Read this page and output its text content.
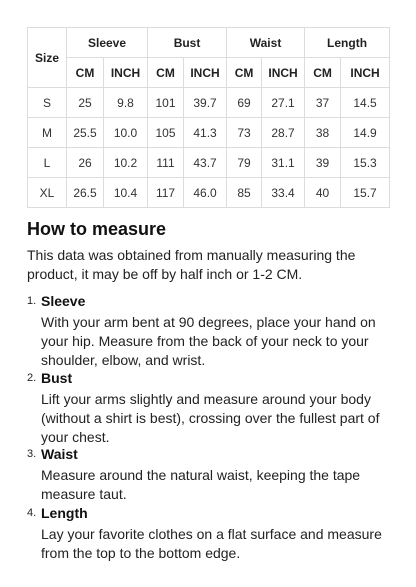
Size	Sleeve		Bust		Waist		Length	
	CM	INCH	CM	INCH	CM	INCH	CM	INCH
S	25	9.8	101	39.7	69	27.1	37	14.5
M	25.5	10.0	105	41.3	73	28.7	38	14.9
L	26	10.2	111	43.7	79	31.1	39	15.3
XL	26.5	10.4	117	46.0	85	33.4	40	15.7
How to measure

This data was obtained from manually measuring the product, it may be off by half inch or 1-2 CM.

1. Sleeve

With your arm bent at 90 degrees, place your hand on your hip. Measure from the back of your neck to your shoulder, elbow, and wrist.

2. Bust

Lift your arms slightly and measure around your body (without a shirt is best), crossing over the fullest part of your chest.

3. Waist

Measure around the natural waist, keeping the tape measure taut.

4. Length

Lay your favorite clothes on a flat surface and measure from the top to the bottom edge.
